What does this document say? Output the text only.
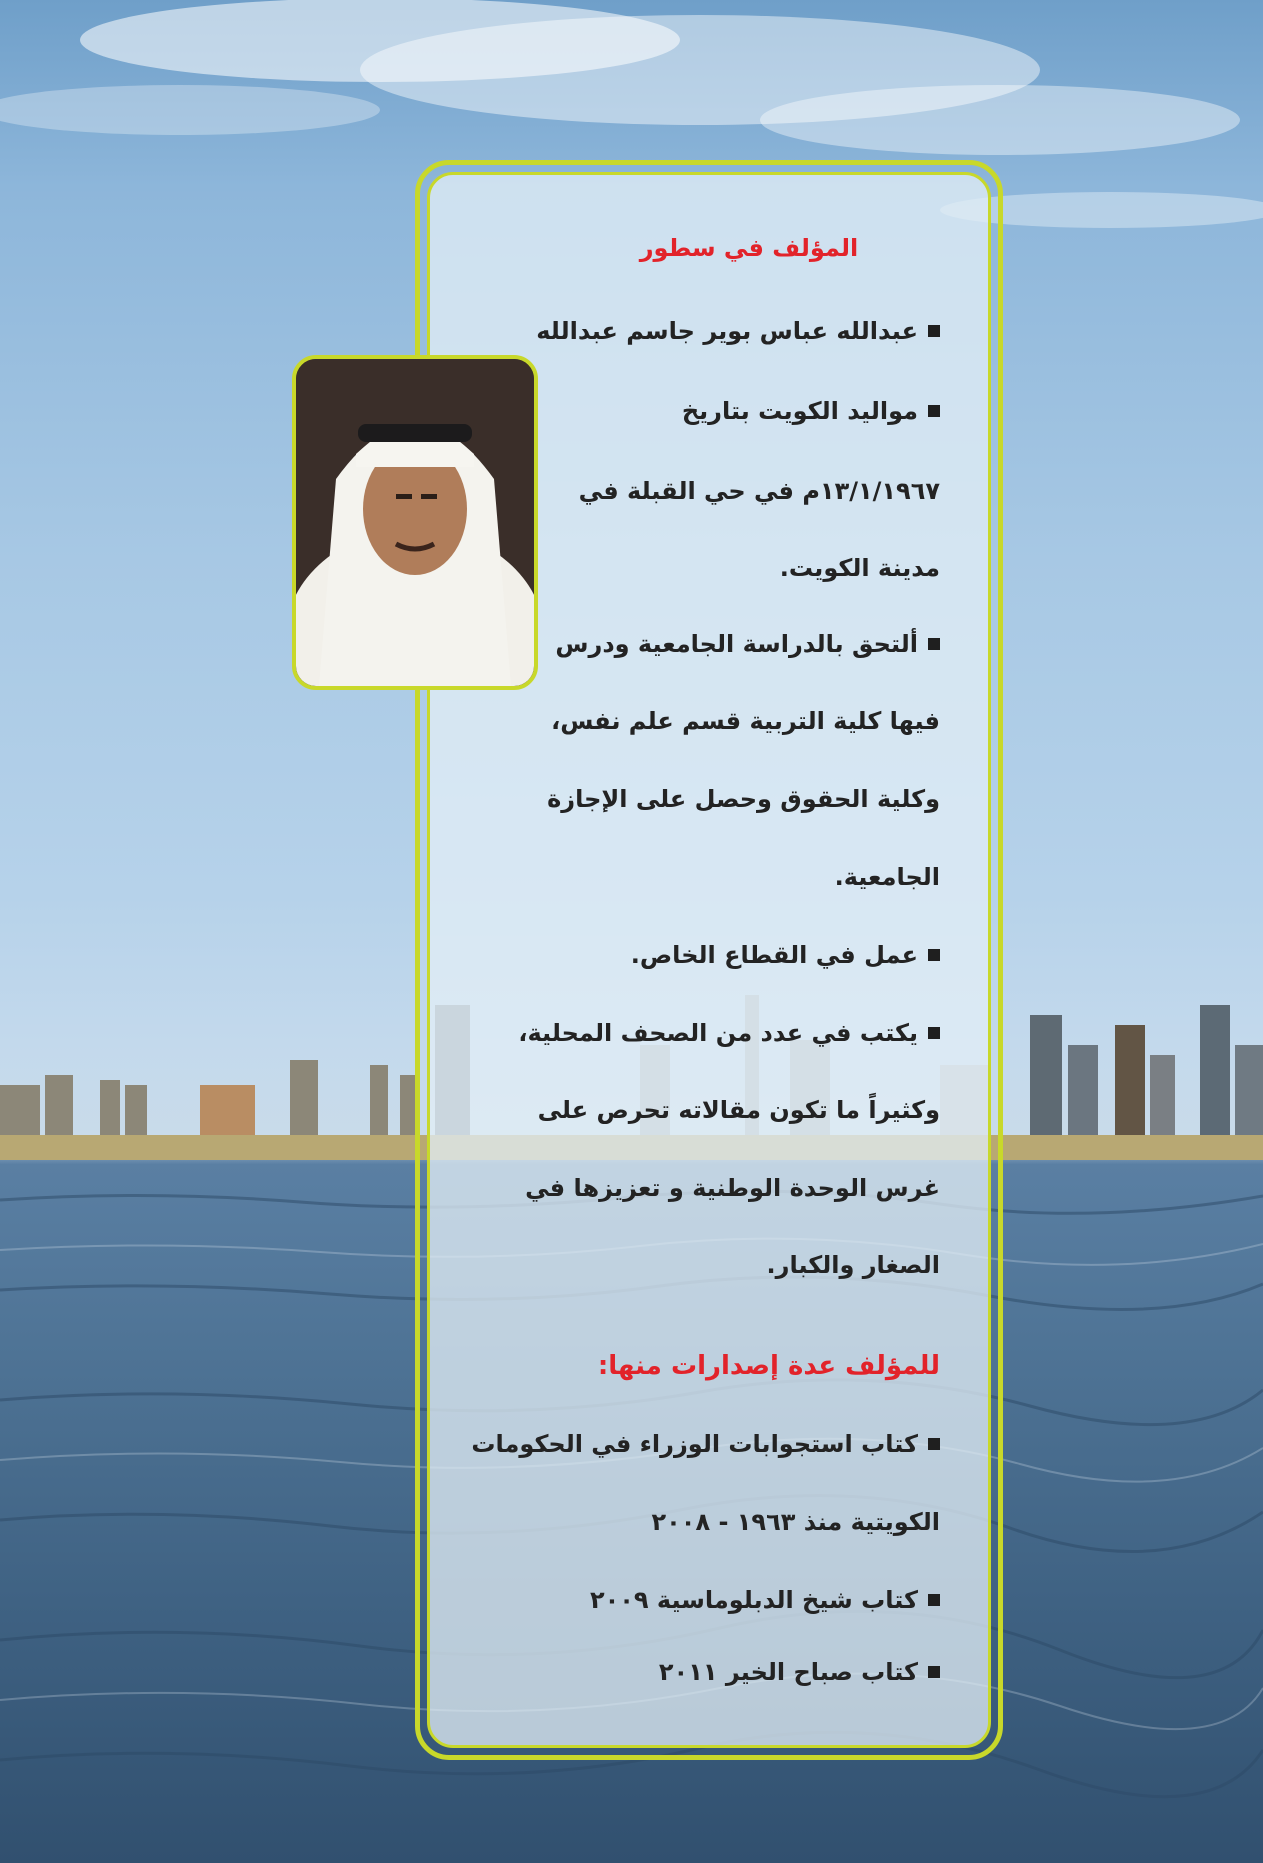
المؤلف في سطور
عبدالله عباس بوير جاسم عبدالله
مواليد الكويت بتاريخ
١٣/١/١٩٦٧م في حي القبلة في
مدينة الكويت.
ألتحق بالدراسة الجامعية ودرس
فيها كلية التربية قسم علم نفس،
وكلية الحقوق وحصل على الإجازة
الجامعية.
عمل في القطاع الخاص.
يكتب في عدد من الصحف المحلية،
وكثيراً ما تكون مقالاته تحرص على
غرس الوحدة الوطنية و تعزيزها في
الصغار والكبار.
للمؤلف عدة إصدارات منها:
كتاب استجوابات الوزراء في الحكومات
الكويتية منذ ١٩٦٣ - ٢٠٠٨
كتاب شيخ الدبلوماسية ٢٠٠٩
كتاب صباح الخير ٢٠١١
